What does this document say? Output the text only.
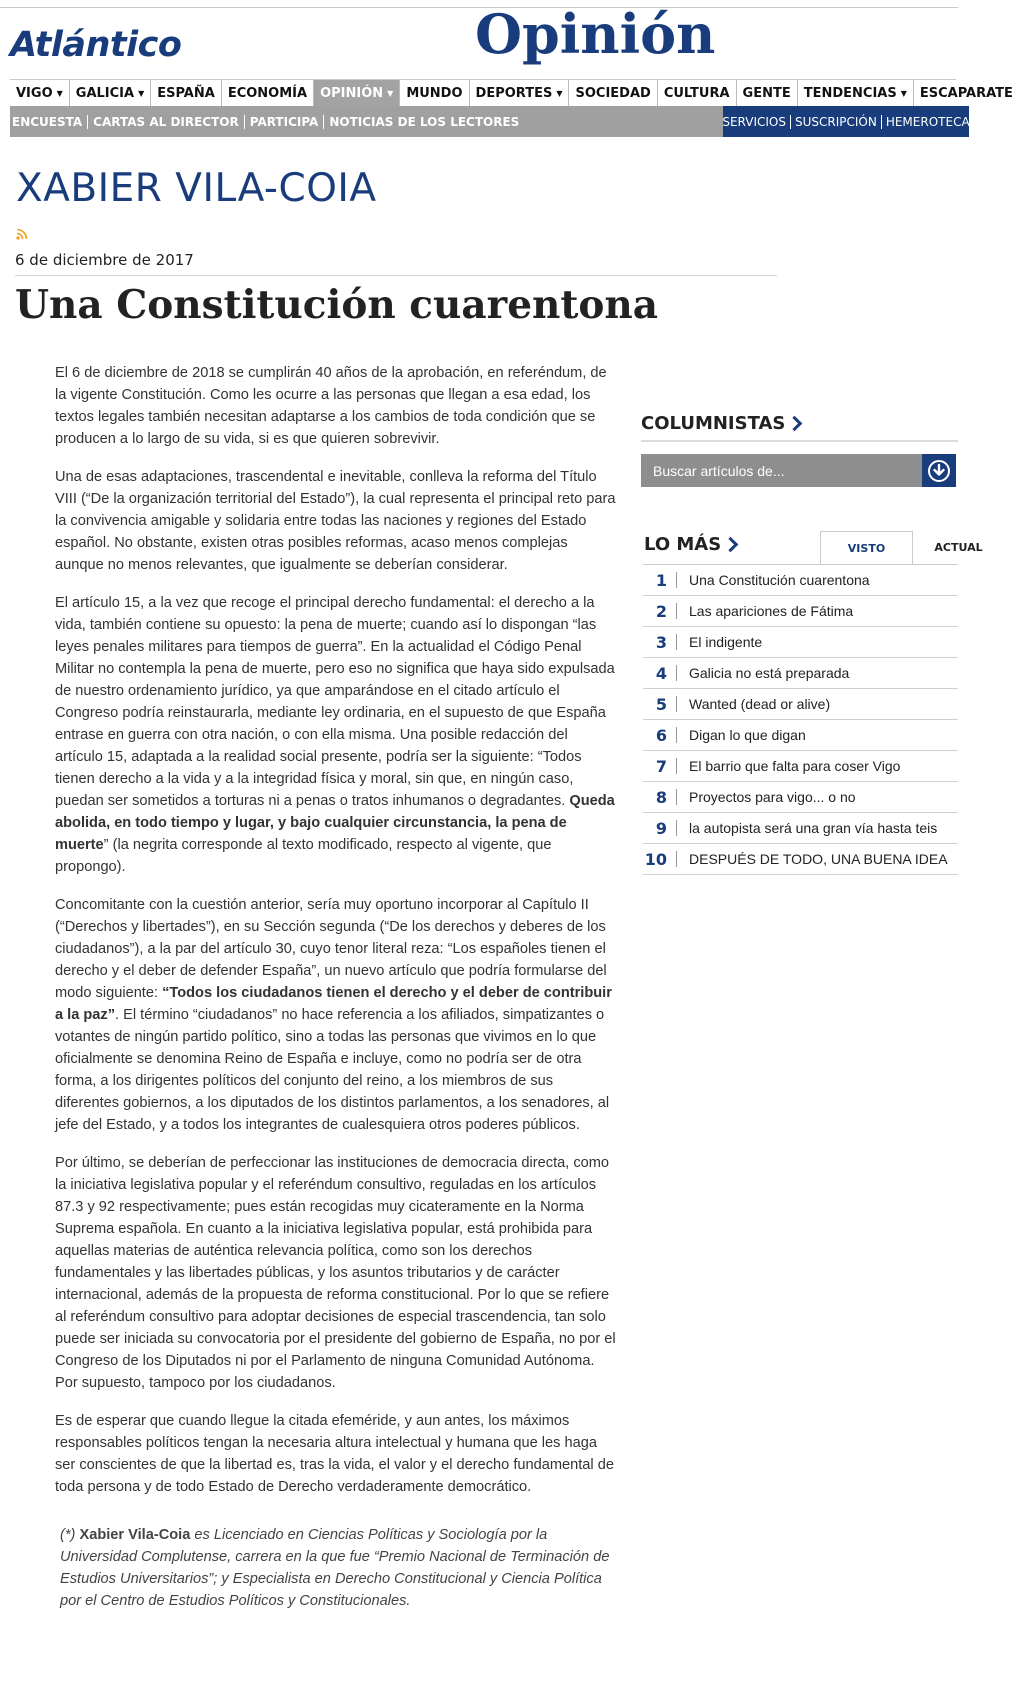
Atlántico	Opinión
VIGO ▼ GALICIA ▼ ESPAÑA ECONOMÍA OPINIÓN ▼ MUNDO DEPORTES ▼ SOCIEDAD CULTURA GENTE TENDENCIAS ▼ ESCAPARATE
ENCUESTA CARTAS AL DIRECTOR PARTICIPA NOTICIAS DE LOS LECTORES	SERVICIOS SUSCRIPCIÓN HEMEROTECA
XABIER VILA-COIA
6 de diciembre de 2017
Una Constitución cuarentona

El 6 de diciembre de 2018 se cumplirán 40 años de la aprobación, en referéndum, de la vigente Constitución. Como les ocurre a las personas que llegan a esa edad, los textos legales también necesitan adaptarse a los cambios de toda condición que se producen a lo largo de su vida, si es que quieren sobrevivir.

Una de esas adaptaciones, trascendental e inevitable, conlleva la reforma del Título VIII (“De la organización territorial del Estado”), la cual representa el principal reto para la convivencia amigable y solidaria entre todas las naciones y regiones del Estado español. No obstante, existen otras posibles reformas, acaso menos complejas aunque no menos relevantes, que igualmente se deberían considerar.

El artículo 15, a la vez que recoge el principal derecho fundamental: el derecho a la vida, también contiene su opuesto: la pena de muerte; cuando así lo dispongan “las leyes penales militares para tiempos de guerra”. En la actualidad el Código Penal Militar no contempla la pena de muerte, pero eso no significa que haya sido expulsada de nuestro ordenamiento jurídico, ya que amparándose en el citado artículo el Congreso podría reinstaurarla, mediante ley ordinaria, en el supuesto de que España entrase en guerra con otra nación, o con ella misma. Una posible redacción del artículo 15, adaptada a la realidad social presente, podría ser la siguiente: “Todos tienen derecho a la vida y a la integridad física y moral, sin que, en ningún caso, puedan ser sometidos a torturas ni a penas o tratos inhumanos o degradantes. Queda abolida, en todo tiempo y lugar, y bajo cualquier circunstancia, la pena de muerte” (la negrita corresponde al texto modificado, respecto al vigente, que propongo).

Concomitante con la cuestión anterior, sería muy oportuno incorporar al Capítulo II (“Derechos y libertades”), en su Sección segunda (“De los derechos y deberes de los ciudadanos”), a la par del artículo 30, cuyo tenor literal reza: “Los españoles tienen el derecho y el deber de defender España”, un nuevo artículo que podría formularse del modo siguiente: “Todos los ciudadanos tienen el derecho y el deber de contribuir a la paz”. El término “ciudadanos” no hace referencia a los afiliados, simpatizantes o votantes de ningún partido político, sino a todas las personas que vivimos en lo que oficialmente se denomina Reino de España e incluye, como no podría ser de otra forma, a los dirigentes políticos del conjunto del reino, a los miembros de sus diferentes gobiernos, a los diputados de los distintos parlamentos, a los senadores, al jefe del Estado, y a todos los integrantes de cualesquiera otros poderes públicos.

Por último, se deberían de perfeccionar las instituciones de democracia directa, como la iniciativa legislativa popular y el referéndum consultivo, reguladas en los artículos 87.3 y 92 respectivamente; pues están recogidas muy cicateramente en la Norma Suprema española. En cuanto a la iniciativa legislativa popular, está prohibida para aquellas materias de auténtica relevancia política, como son los derechos fundamentales y las libertades públicas, y los asuntos tributarios y de carácter internacional, además de la propuesta de reforma constitucional. Por lo que se refiere al referéndum consultivo para adoptar decisiones de especial trascendencia, tan solo puede ser iniciada su convocatoria por el presidente del gobierno de España, no por el Congreso de los Diputados ni por el Parlamento de ninguna Comunidad Autónoma. Por supuesto, tampoco por los ciudadanos.

Es de esperar que cuando llegue la citada efeméride, y aun antes, los máximos responsables políticos tengan la necesaria altura intelectual y humana que les haga ser conscientes de que la libertad es, tras la vida, el valor y el derecho fundamental de toda persona y de todo Estado de Derecho verdaderamente democrático.

(*) Xabier Vila-Coia es Licenciado en Ciencias Políticas y Sociología por la Universidad Complutense, carrera en la que fue “Premio Nacional de Terminación de Estudios Universitarios”; y Especialista en Derecho Constitucional y Ciencia Política por el Centro de Estudios Políticos y Constitucionales.

COLUMNISTAS
Buscar artículos de...
LO MÁS	VISTO	ACTUAL
1 Una Constitución cuarentona
2 Las apariciones de Fátima
3 El indigente
4 Galicia no está preparada
5 Wanted (dead or alive)
6 Digan lo que digan
7 El barrio que falta para coser Vigo
8 Proyectos para vigo... o no
9 la autopista será una gran vía hasta teis
10 DESPUÉS DE TODO, UNA BUENA IDEA
